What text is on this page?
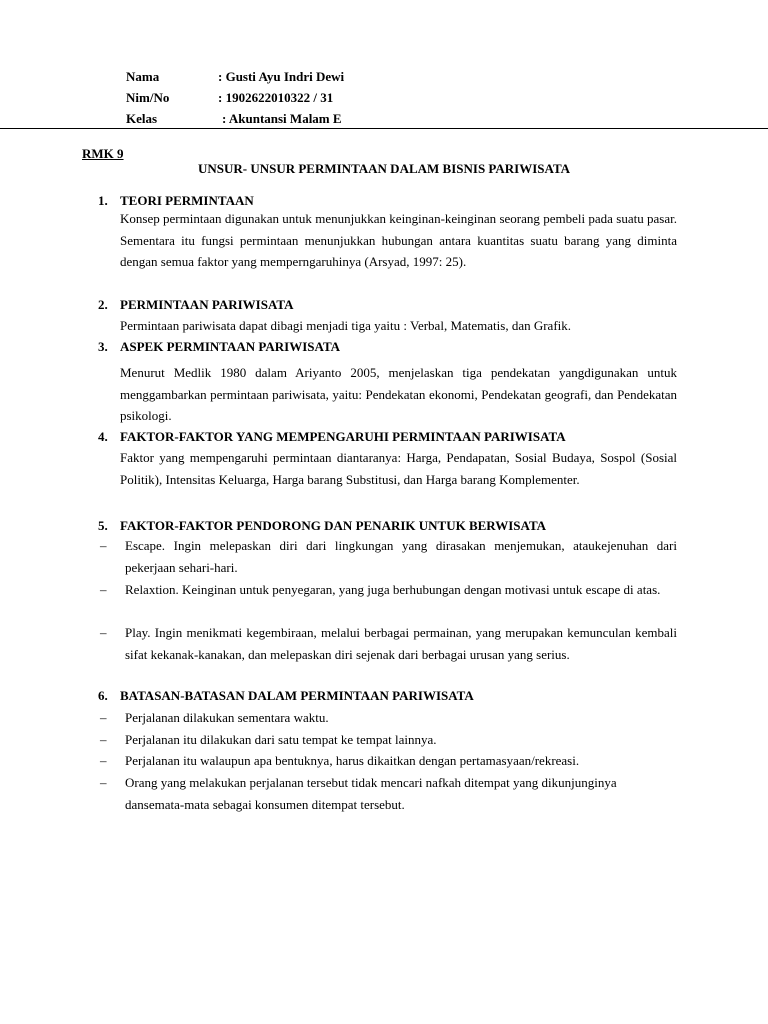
Nama	: Gusti Ayu Indri Dewi
Nim/No	: 1902622010322 / 31
Kelas	: Akuntansi Malam E
RMK 9
UNSUR- UNSUR PERMINTAAN DALAM BISNIS PARIWISATA
1. TEORI PERMINTAAN
Konsep permintaan digunakan untuk menunjukkan keinginan-keinginan seorang pembeli pada suatu pasar. Sementara itu fungsi permintaan menunjukkan hubungan antara kuantitas suatu barang yang diminta dengan semua faktor yang memperngaruhinya (Arsyad, 1997: 25).
2. PERMINTAAN PARIWISATA
Permintaan pariwisata dapat dibagi menjadi tiga yaitu : Verbal, Matematis, dan Grafik.
3. ASPEK PERMINTAAN PARIWISATA
Menurut Medlik 1980 dalam Ariyanto 2005, menjelaskan tiga pendekatan yangdigunakan untuk menggambarkan permintaan pariwisata, yaitu: Pendekatan ekonomi, Pendekatan geografi, dan Pendekatan psikologi.
4. FAKTOR-FAKTOR YANG MEMPENGARUHI PERMINTAAN PARIWISATA
Faktor yang mempengaruhi permintaan diantaranya: Harga, Pendapatan, Sosial Budaya, Sospol (Sosial Politik), Intensitas Keluarga, Harga barang Substitusi, dan Harga barang Komplementer.
5. FAKTOR-FAKTOR PENDORONG DAN PENARIK UNTUK BERWISATA
– Escape. Ingin melepaskan diri dari lingkungan yang dirasakan menjemukan, ataukejenuhan dari pekerjaan sehari-hari.
– Relaxtion. Keinginan untuk penyegaran, yang juga berhubungan dengan motivasi untuk escape di atas.
– Play. Ingin menikmati kegembiraan, melalui berbagai permainan, yang merupakan kemunculan kembali sifat kekanak-kanakan, dan melepaskan diri sejenak dari berbagai urusan yang serius.
6. BATASAN-BATASAN DALAM PERMINTAAN PARIWISATA
– Perjalanan dilakukan sementara waktu.
– Perjalanan itu dilakukan dari satu tempat ke tempat lainnya.
– Perjalanan itu walaupun apa bentuknya, harus dikaitkan dengan pertamasyaan/rekreasi.
– Orang yang melakukan perjalanan tersebut tidak mencari nafkah ditempat yang dikunjunginya dansemata-mata sebagai konsumen ditempat tersebut.
